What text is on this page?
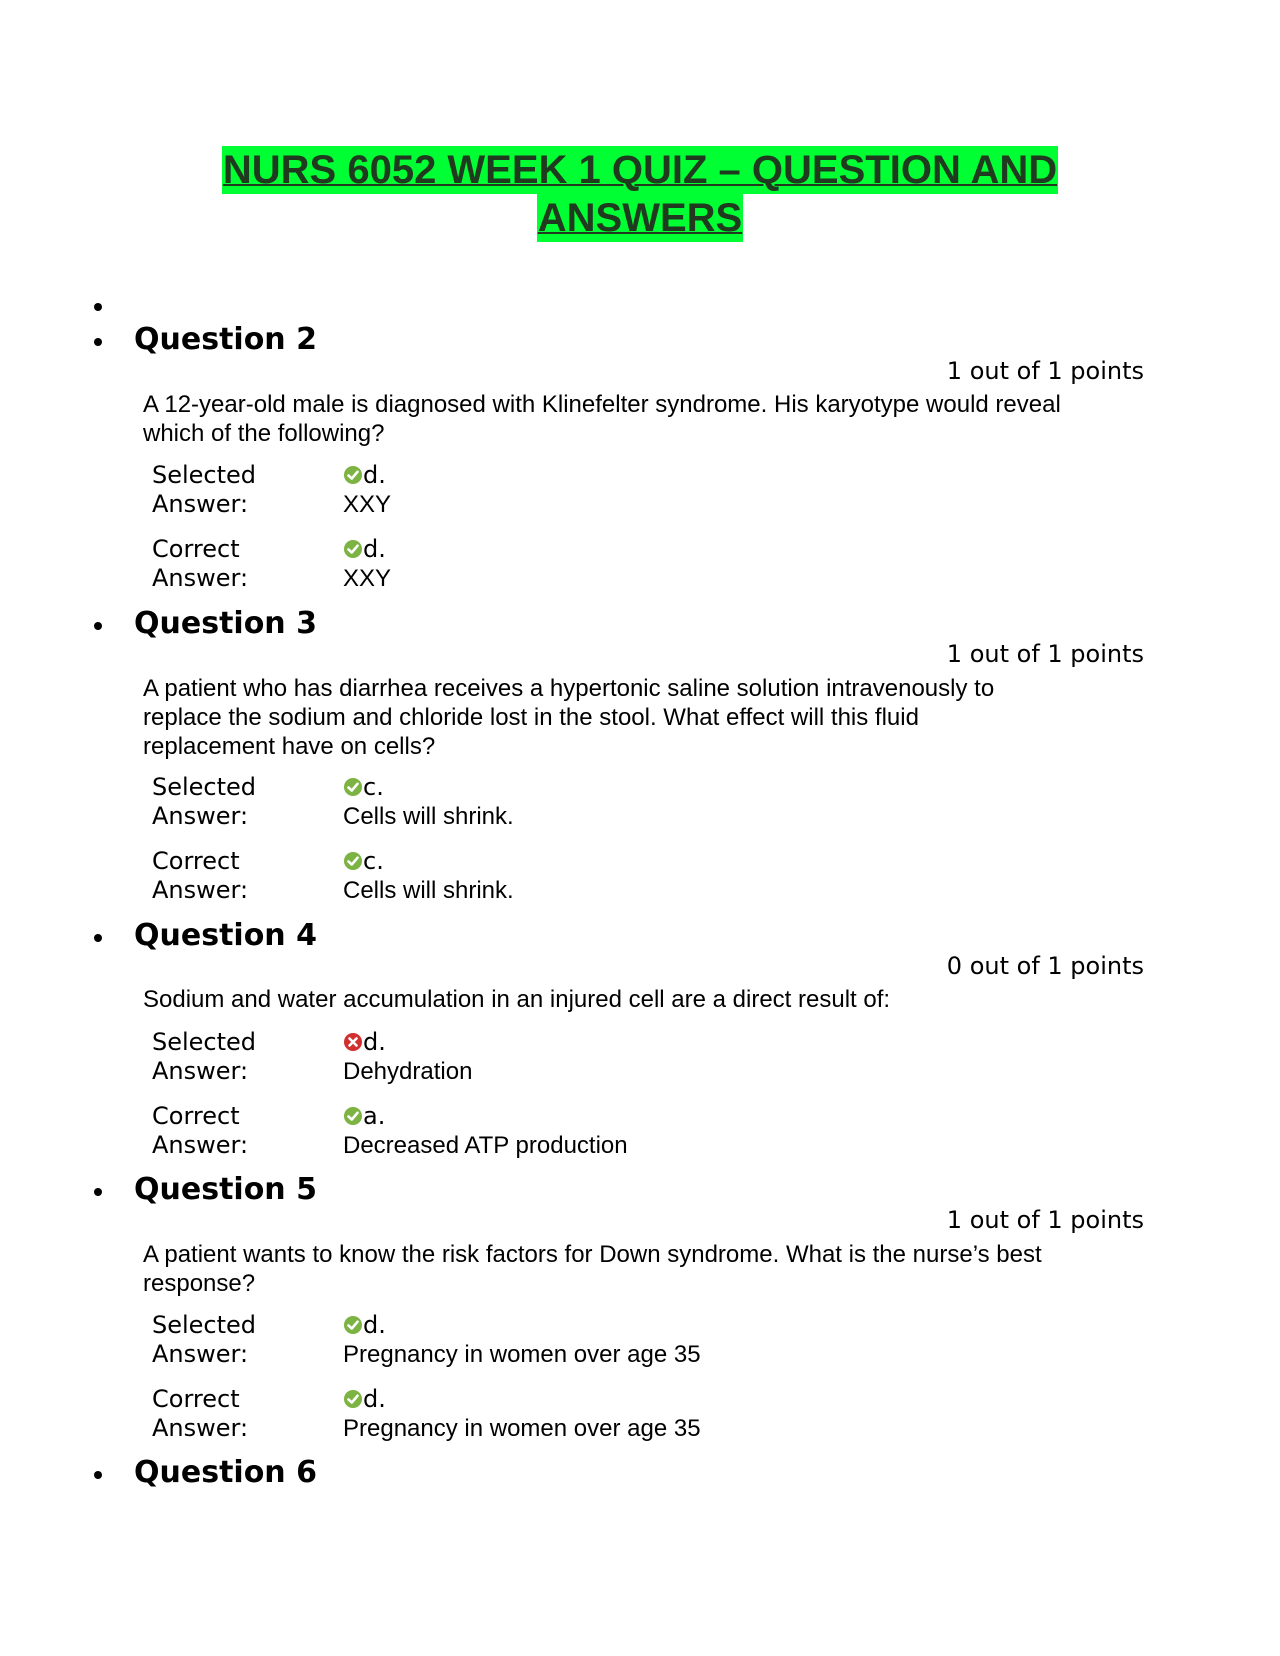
NURS 6052 WEEK 1 QUIZ – QUESTION AND
ANSWERS
Question 2
1 out of 1 points
A 12-year-old male is diagnosed with Klinefelter syndrome. His karyotype would reveal which of the following?
Selected
Answer:
d.
XXY
Correct
Answer:
d.
XXY
Question 3
1 out of 1 points
A patient who has diarrhea receives a hypertonic saline solution intravenously to replace the sodium and chloride lost in the stool. What effect will this fluid replacement have on cells?
Selected
Answer:
c.
Cells will shrink.
Correct
Answer:
c.
Cells will shrink.
Question 4
0 out of 1 points
Sodium and water accumulation in an injured cell are a direct result of:
Selected
Answer:
d.
Dehydration
Correct
Answer:
a.
Decreased ATP production
Question 5
1 out of 1 points
A patient wants to know the risk factors for Down syndrome. What is the nurse’s best response?
Selected
Answer:
d.
Pregnancy in women over age 35
Correct
Answer:
d.
Pregnancy in women over age 35
Question 6
